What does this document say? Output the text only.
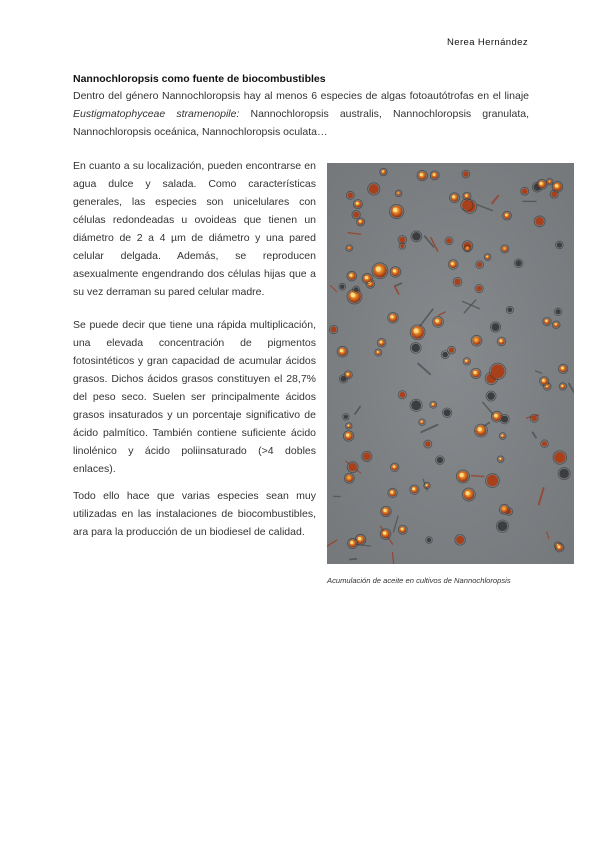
Nerea Hernández
Nannochloropsis como fuente de biocombustibles
Dentro del género Nannochloropsis hay al menos 6 especies de algas fotoautótrofas en el linaje Eustigmatophyceae stramenopile: Nannochloropsis australis, Nannochloropsis granulata, Nannochloropsis oceánica, Nannochloropsis oculata…

En cuanto a su localización, pueden encontrarse en agua dulce y salada. Como características generales, las especies son unicelulares con células redondeadas u ovoideas que tienen un diámetro de 2 a 4 µm de diámetro y una pared celular delgada. Además, se reproducen asexualmente engendrando dos células hijas que a su vez derraman su pared celular madre.

Se puede decir que tiene una rápida multiplicación, una elevada concentración de pigmentos fotosintéticos y gran capacidad de acumular ácidos grasos. Dichos ácidos grasos constituyen el 28,7% del peso seco. Suelen ser principalmente ácidos grasos insaturados y un porcentaje significativo de ácido palmítico. También contiene suficiente ácido linolénico y ácido poliinsaturado (>4 dobles enlaces).

Todo ello hace que varias especies sean muy utilizadas en las instalaciones de biocombustibles, ara para la producción de un biodiesel de calidad.

Acumulación de aceite en cultivos de Nannochloropsis
